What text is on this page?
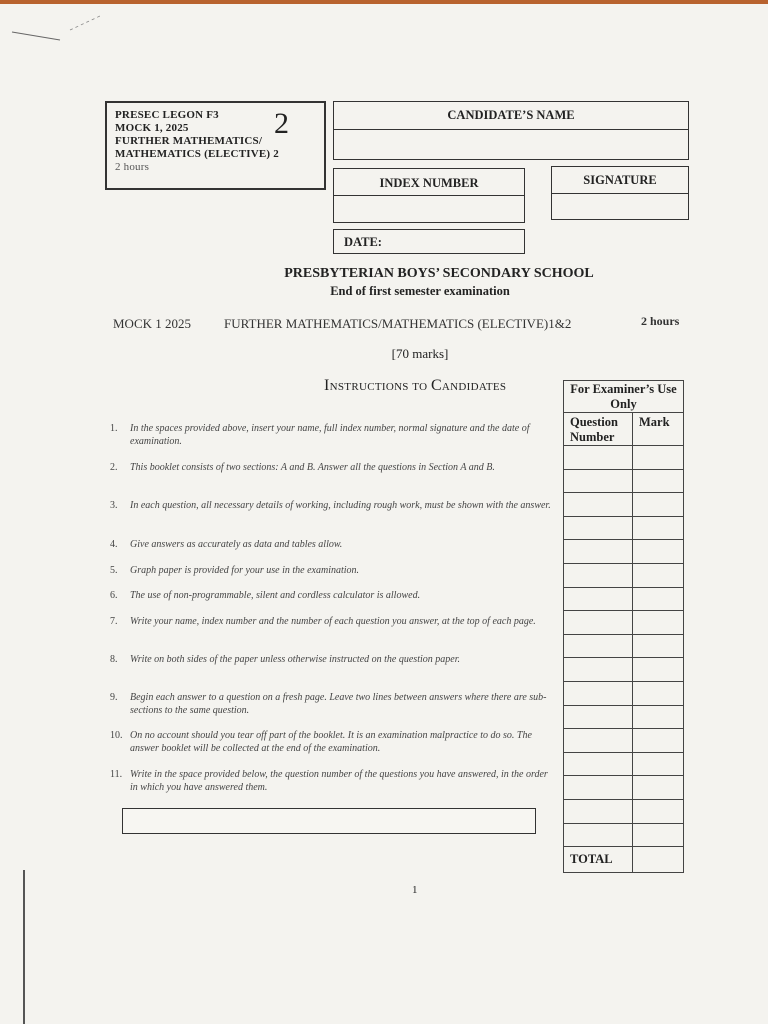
PRESEC LEGON F3
MOCK 1, 2025
FURTHER MATHEMATICS/
MATHEMATICS (ELECTIVE) 2
2 hours
2	CANDIDATE’S NAME
INDEX NUMBER	SIGNATURE
DATE:
PRESBYTERIAN BOYS’ SECONDARY SCHOOL
End of first semester examination
MOCK 1 2025	FURTHER MATHEMATICS/MATHEMATICS (ELECTIVE)1&2	2 hours
[70 marks]
INSTRUCTIONS TO CANDIDATES
1.	In the spaces provided above, insert your name, full index number, normal signature and the date of examination.
2.	This booklet consists of two sections: A and B. Answer all the questions in Section A and B.
3.	In each question, all necessary details of working, including rough work, must be shown with the answer.
4.	Give answers as accurately as data and tables allow.
5.	Graph paper is provided for your use in the examination.
6.	The use of non-programmable, silent and cordless calculator is allowed.
7.	Write your name, index number and the number of each question you answer, at the top of each page.
8.	Write on both sides of the paper unless otherwise instructed on the question paper.
9.	Begin each answer to a question on a fresh page. Leave two lines between answers where there are sub-sections to the same question.
10. On no account should you tear off part of the booklet. It is an examination malpractice to do so. The answer booklet will be collected at the end of the examination.
11. Write in the space provided below, the question number of the questions you have answered, in the order in which you have answered them.
For Examiner’s Use Only	
Question Number	Mark

TOTAL	
1
